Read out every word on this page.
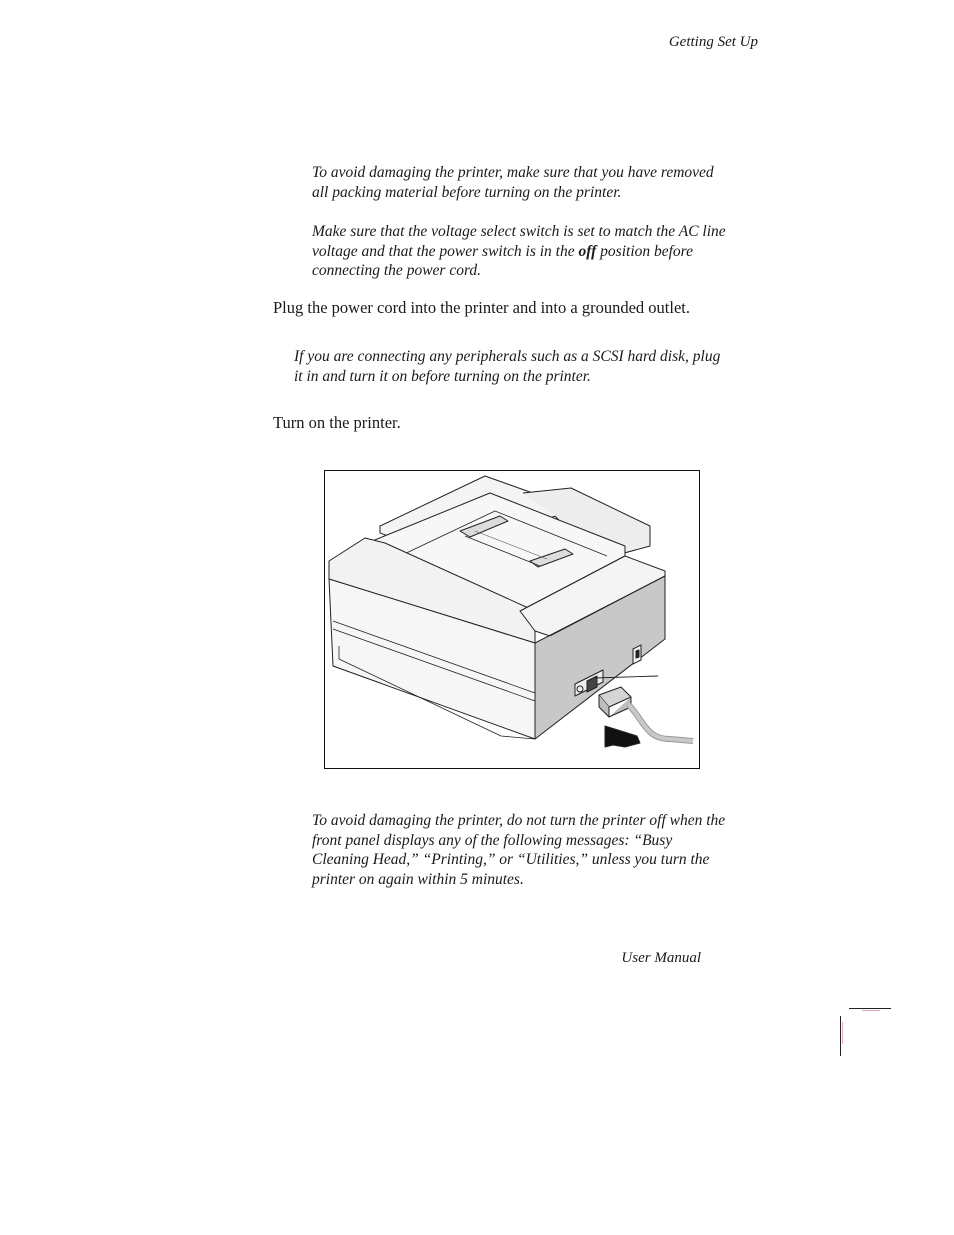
Getting Set Up

To avoid damaging the printer, make sure that you have removed all packing material before turning on the printer.

Make sure that the voltage select switch is set to match the AC line voltage and that the power switch is in the off position before connecting the power cord.

Plug the power cord into the printer and into a grounded outlet.

If you are connecting any peripherals such as a SCSI hard disk, plug it in and turn it on before turning on the printer.

Turn on the printer.

To avoid damaging the printer, do not turn the printer off when the front panel displays any of the following messages: “Busy Cleaning Head,” “Printing,” or “Utilities,” unless you turn the printer on again within 5 minutes.

User Manual
